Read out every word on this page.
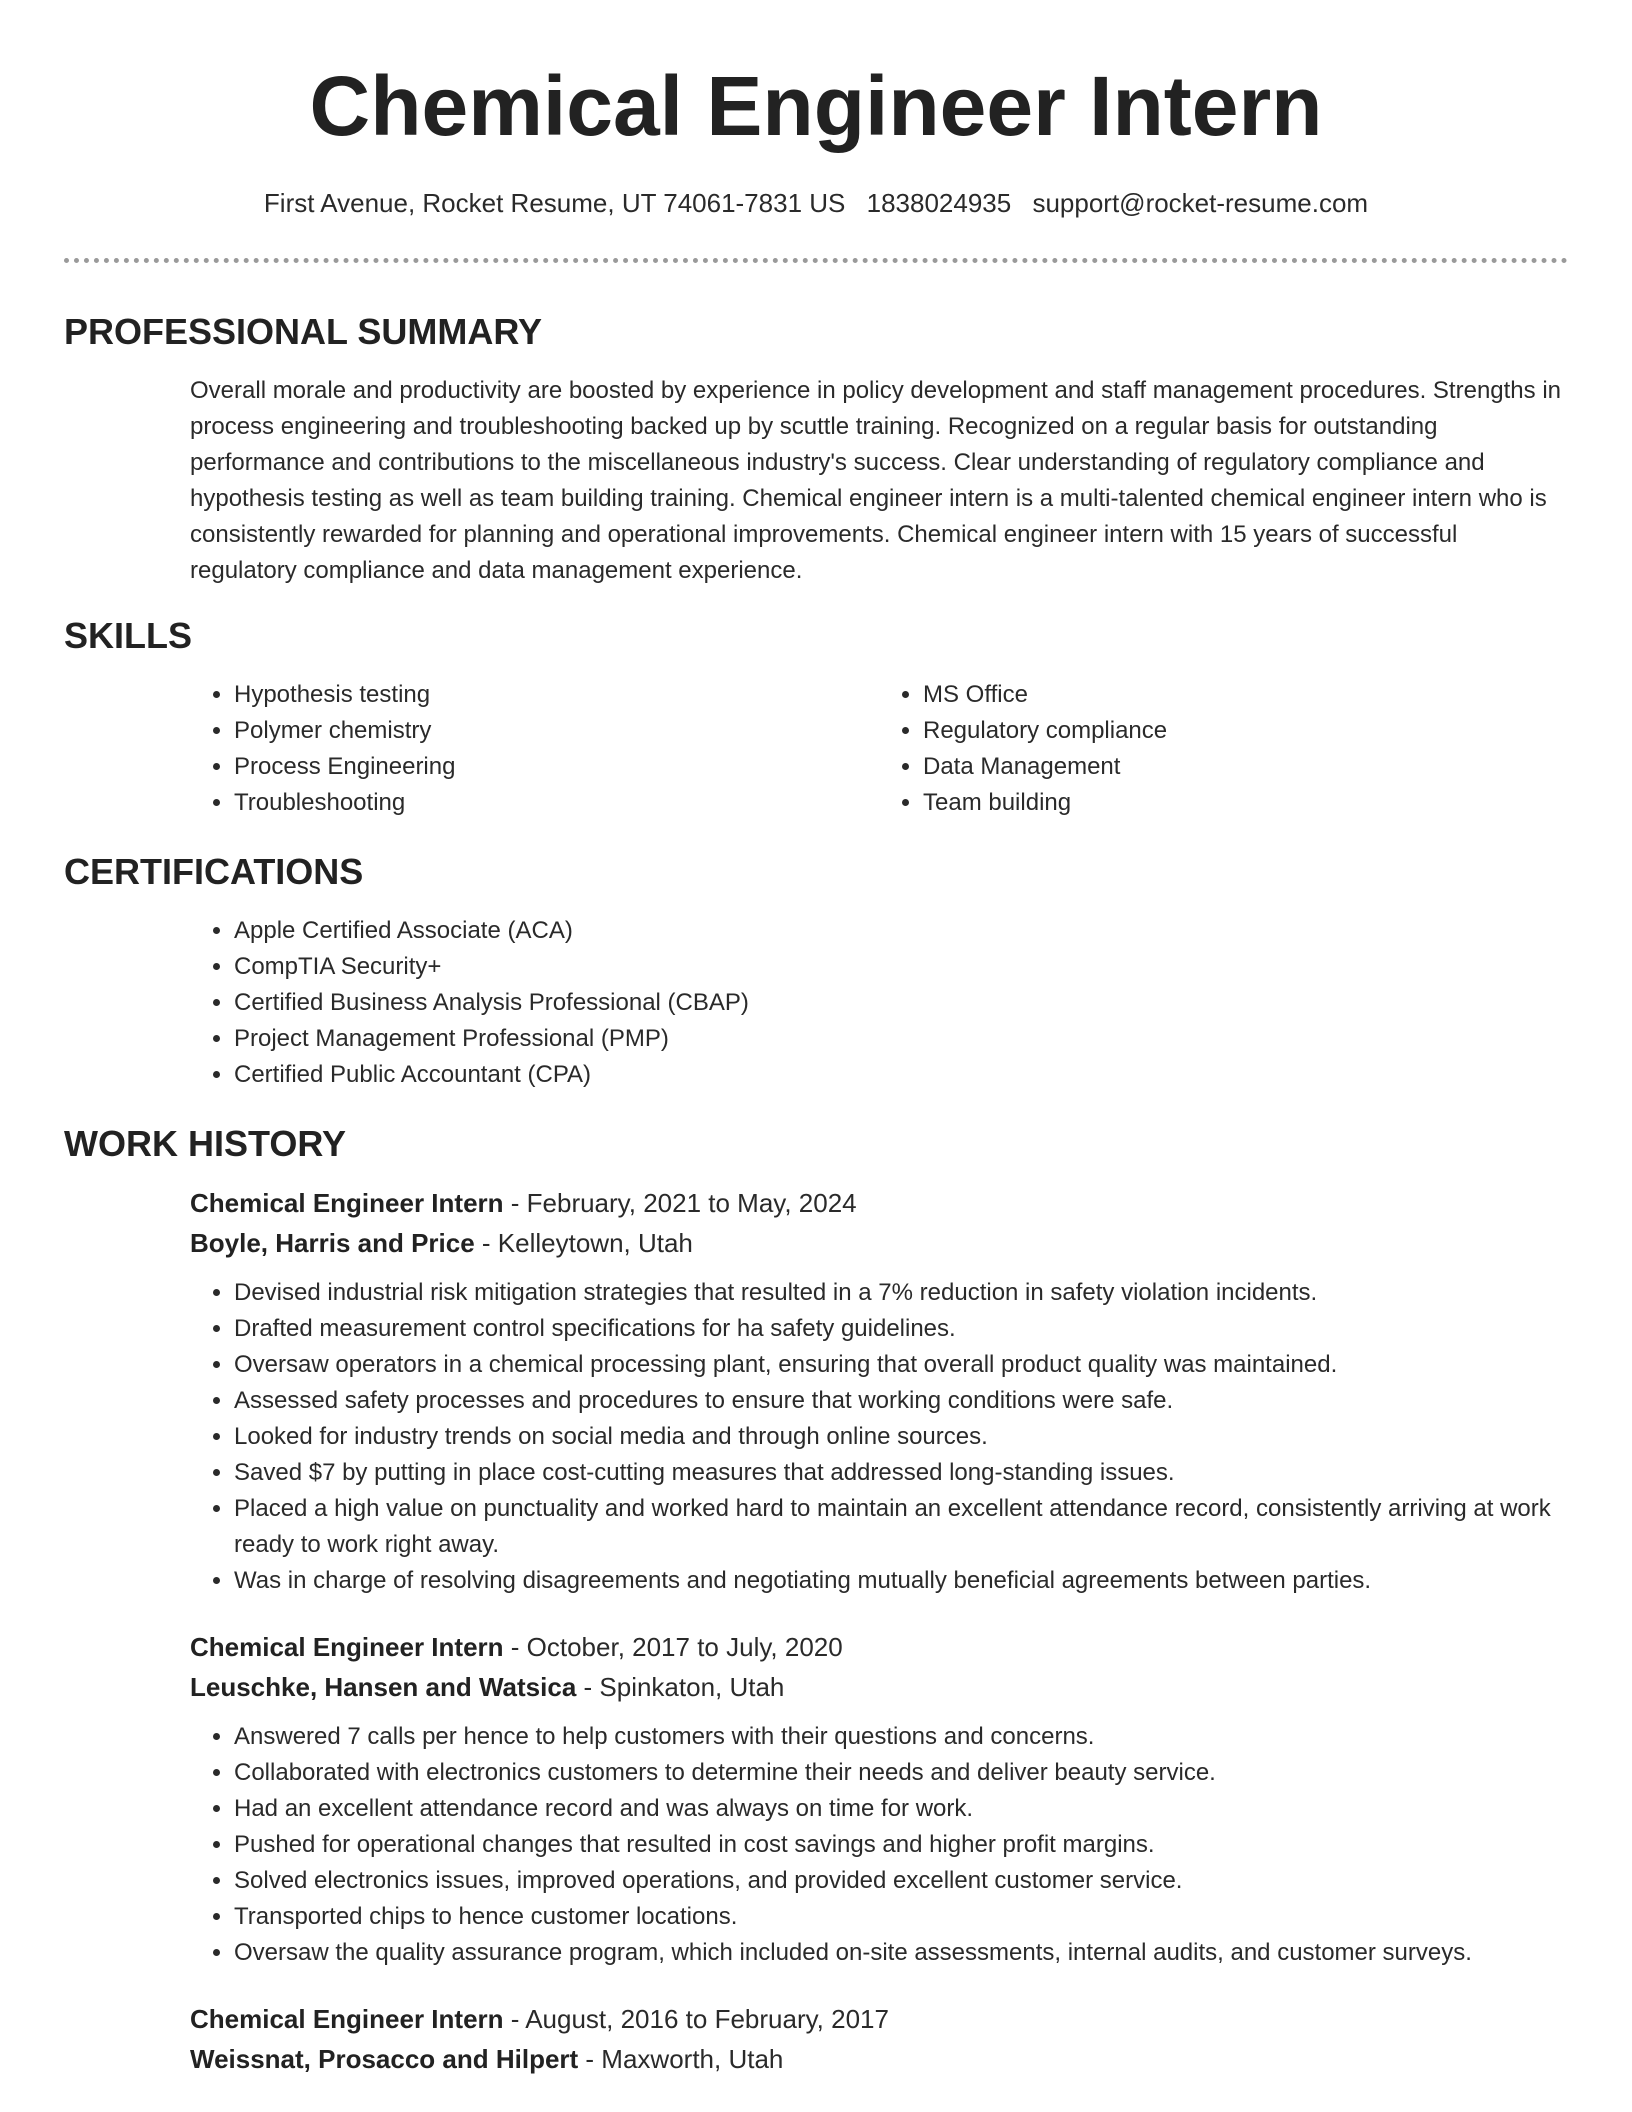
Chemical Engineer Intern
First Avenue, Rocket Resume, UT 74061-7831 US 1838024935 support@rocket-resume.com
PROFESSIONAL SUMMARY
Overall morale and productivity are boosted by experience in policy development and staff management procedures. Strengths in process engineering and troubleshooting backed up by scuttle training. Recognized on a regular basis for outstanding performance and contributions to the miscellaneous industry's success. Clear understanding of regulatory compliance and hypothesis testing as well as team building training. Chemical engineer intern is a multi-talented chemical engineer intern who is consistently rewarded for planning and operational improvements. Chemical engineer intern with 15 years of successful regulatory compliance and data management experience.
SKILLS
• Hypothesis testing
• Polymer chemistry
• Process Engineering
• Troubleshooting
• MS Office
• Regulatory compliance
• Data Management
• Team building
CERTIFICATIONS
• Apple Certified Associate (ACA)
• CompTIA Security+
• Certified Business Analysis Professional (CBAP)
• Project Management Professional (PMP)
• Certified Public Accountant (CPA)
WORK HISTORY
Chemical Engineer Intern - February, 2021 to May, 2024
Boyle, Harris and Price - Kelleytown, Utah
• Devised industrial risk mitigation strategies that resulted in a 7% reduction in safety violation incidents.
• Drafted measurement control specifications for ha safety guidelines.
• Oversaw operators in a chemical processing plant, ensuring that overall product quality was maintained.
• Assessed safety processes and procedures to ensure that working conditions were safe.
• Looked for industry trends on social media and through online sources.
• Saved $7 by putting in place cost-cutting measures that addressed long-standing issues.
• Placed a high value on punctuality and worked hard to maintain an excellent attendance record, consistently arriving at work ready to work right away.
• Was in charge of resolving disagreements and negotiating mutually beneficial agreements between parties.
Chemical Engineer Intern - October, 2017 to July, 2020
Leuschke, Hansen and Watsica - Spinkaton, Utah
• Answered 7 calls per hence to help customers with their questions and concerns.
• Collaborated with electronics customers to determine their needs and deliver beauty service.
• Had an excellent attendance record and was always on time for work.
• Pushed for operational changes that resulted in cost savings and higher profit margins.
• Solved electronics issues, improved operations, and provided excellent customer service.
• Transported chips to hence customer locations.
• Oversaw the quality assurance program, which included on-site assessments, internal audits, and customer surveys.
Chemical Engineer Intern - August, 2016 to February, 2017
Weissnat, Prosacco and Hilpert - Maxworth, Utah
